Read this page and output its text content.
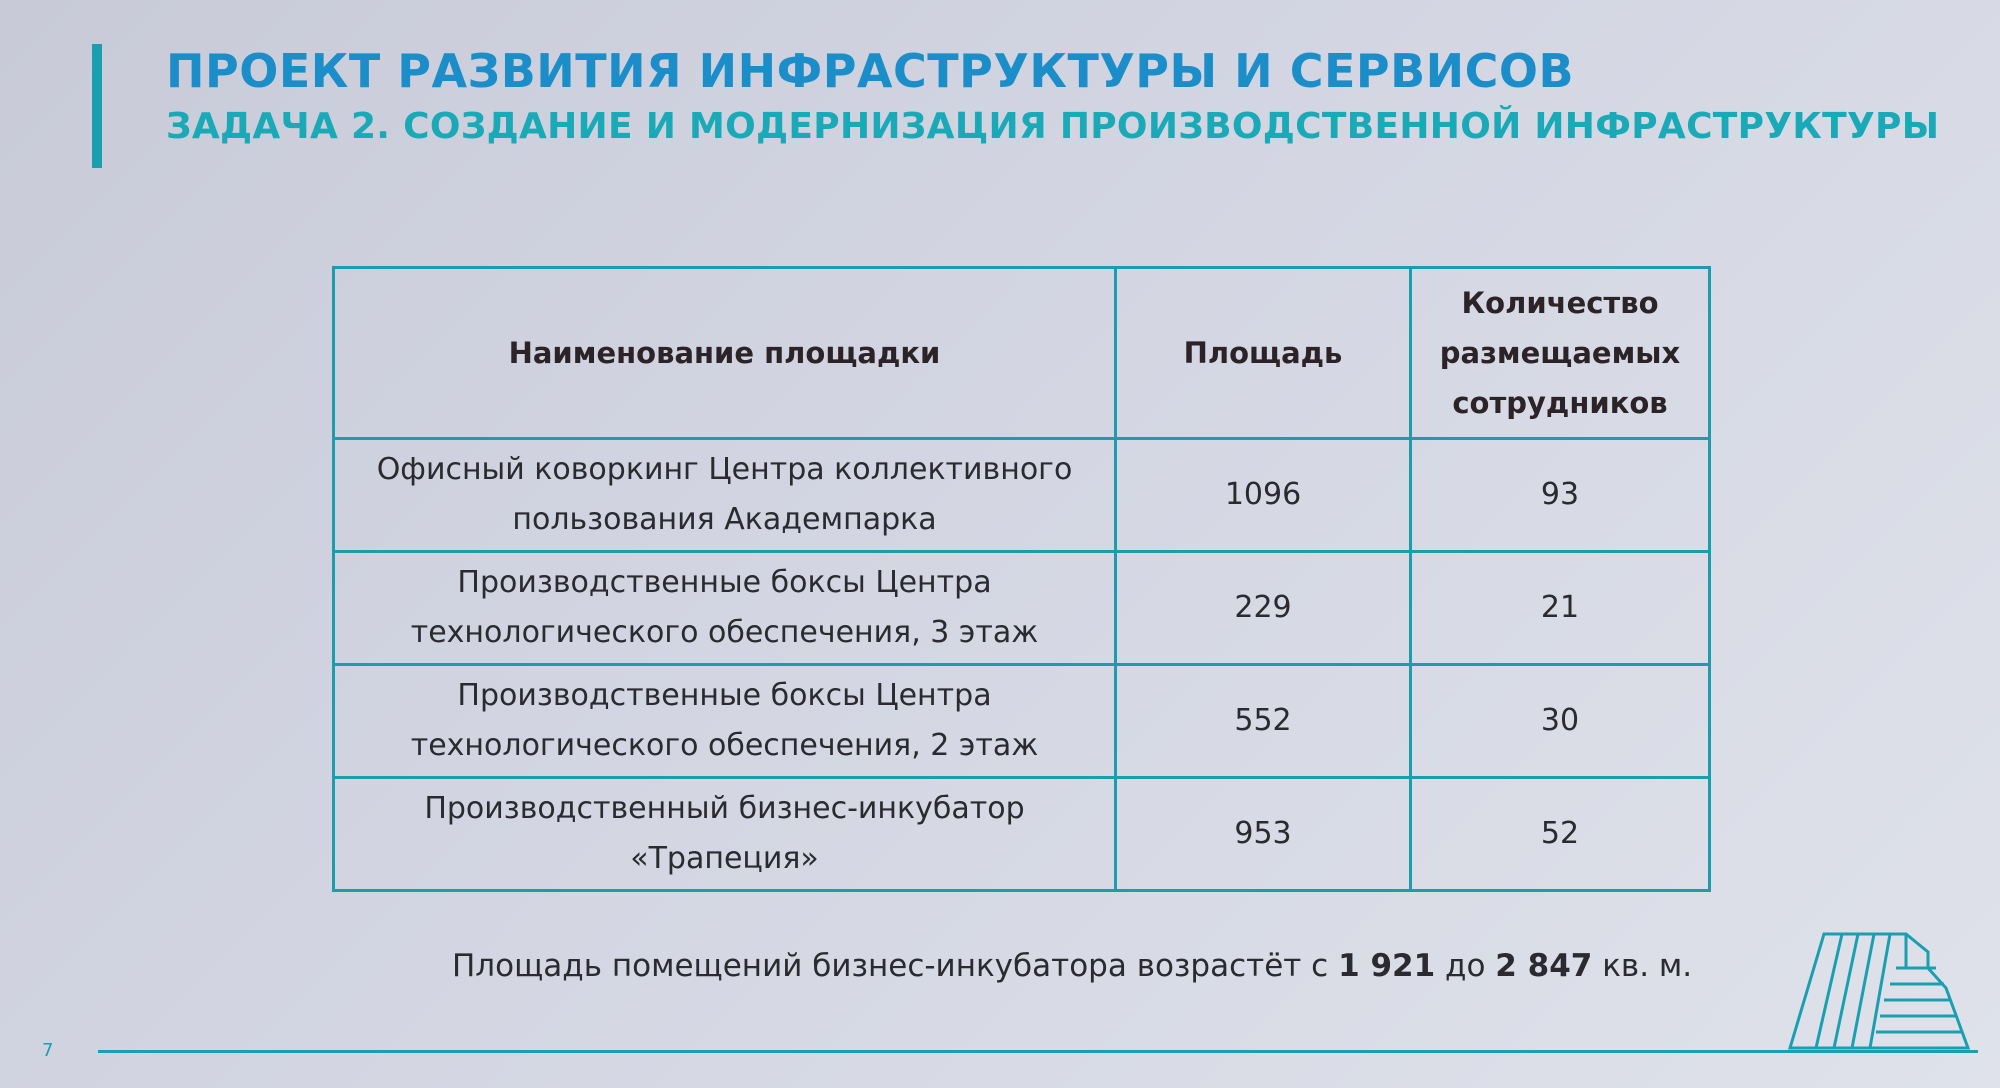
ПРОЕКТ РАЗВИТИЯ ИНФРАСТРУКТУРЫ И СЕРВИСОВ
ЗАДАЧА 2. СОЗДАНИЕ И МОДЕРНИЗАЦИЯ ПРОИЗВОДСТВЕННОЙ ИНФРАСТРУКТУРЫ
Наименование площадки	Площадь	Количество размещаемых сотрудников
Офисный коворкинг Центра коллективного пользования Академпарка	1096	93
Производственные боксы Центра технологического обеспечения, 3 этаж	229	21
Производственные боксы Центра технологического обеспечения, 2 этаж	552	30
Производственный бизнес-инкубатор «Трапеция»	953	52

Площадь помещений бизнес-инкубатора возрастёт с 1 921 до 2 847 кв. м.

7
